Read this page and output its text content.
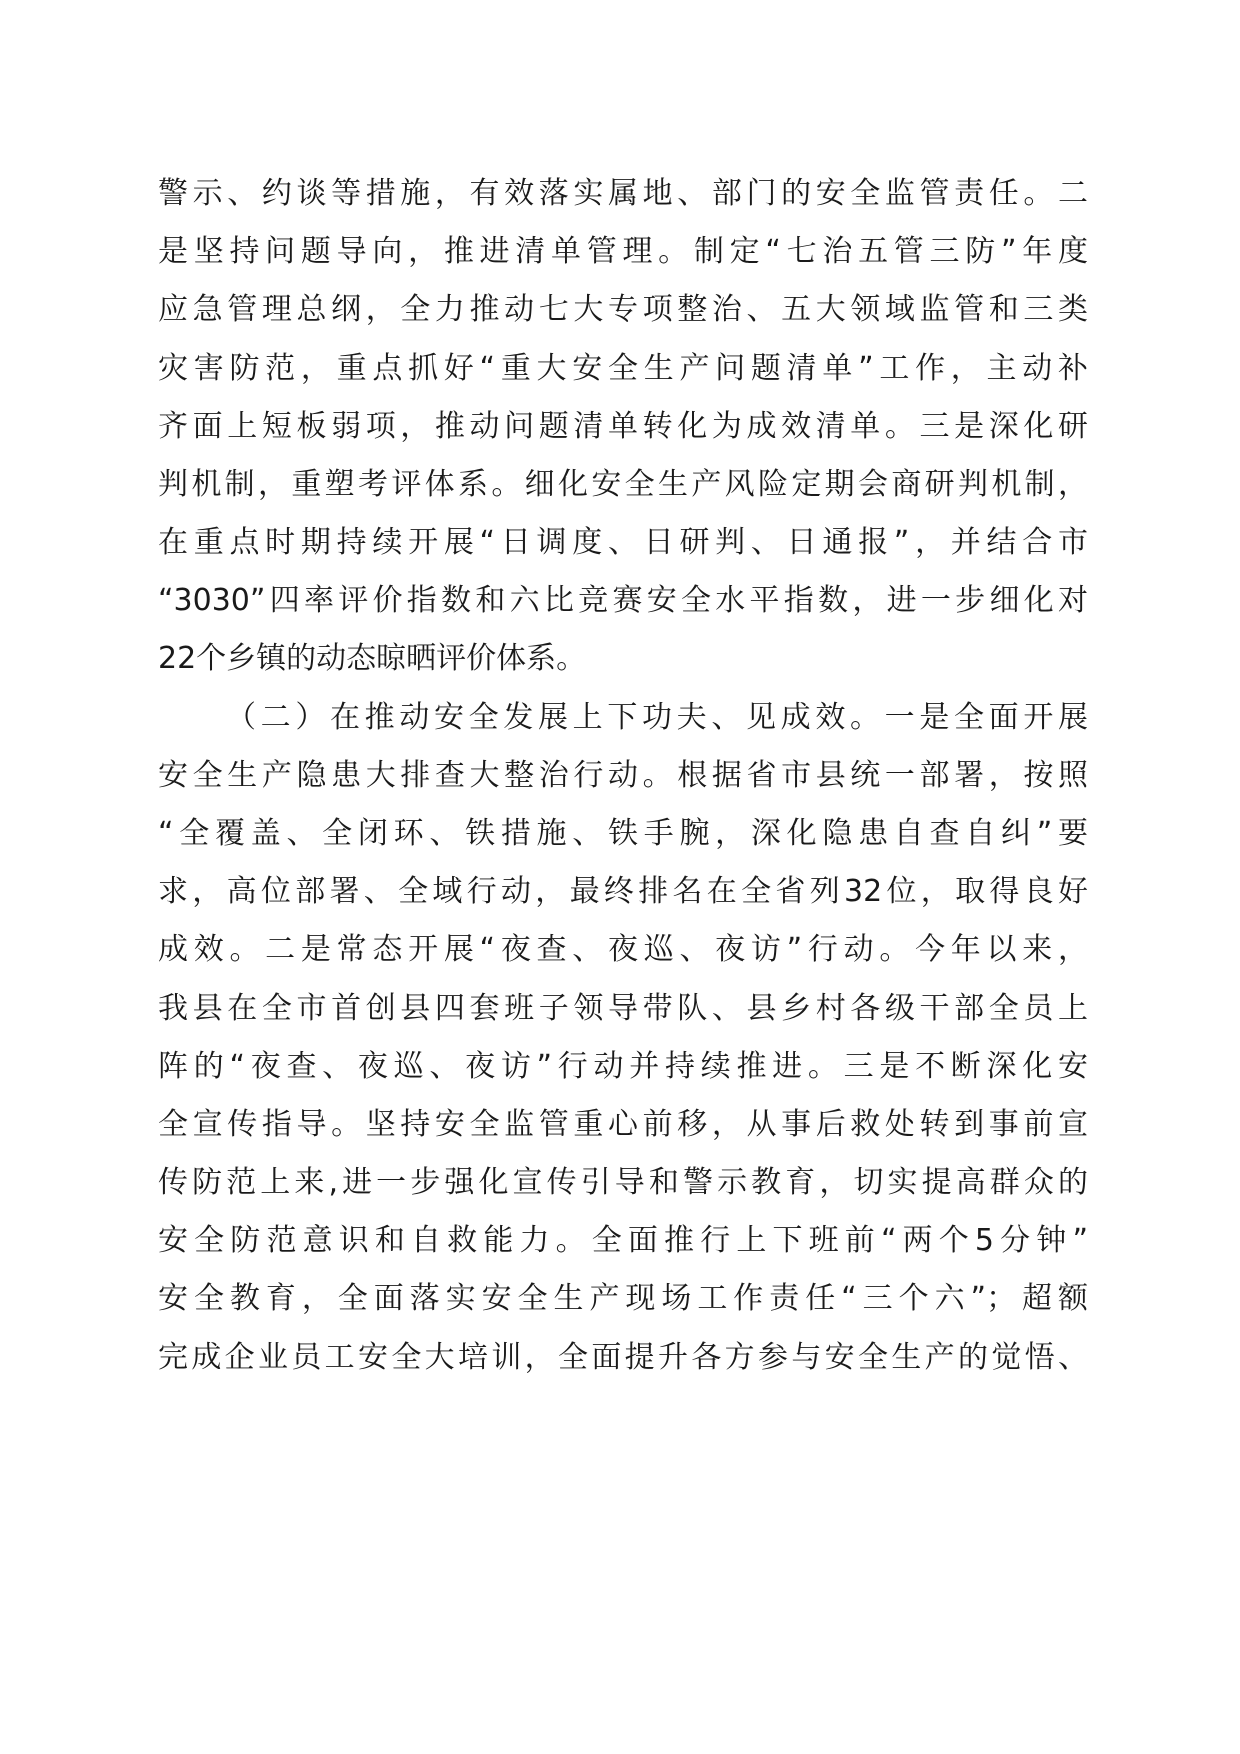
警示、约谈等措施，有效落实属地、部门的安全监管责任。二
是坚持问题导向，推进清单管理。制定“七治五管三防”年度
应急管理总纲，全力推动七大专项整治、五大领域监管和三类
灾害防范，重点抓好“重大安全生产问题清单”工作，主动补
齐面上短板弱项，推动问题清单转化为成效清单。三是深化研
判机制，重塑考评体系。细化安全生产风险定期会商研判机制，
在重点时期持续开展“日调度、日研判、日通报”，并结合市
“3030”四率评价指数和六比竞赛安全水平指数，进一步细化对
22个乡镇的动态晾晒评价体系。
（二）在推动安全发展上下功夫、见成效。一是全面开展
安全生产隐患大排查大整治行动。根据省市县统一部署，按照
“全覆盖、全闭环、铁措施、铁手腕，深化隐患自查自纠”要
求，高位部署、全域行动，最终排名在全省列32位，取得良好
成效。二是常态开展“夜查、夜巡、夜访”行动。今年以来，
我县在全市首创县四套班子领导带队、县乡村各级干部全员上
阵的“夜查、夜巡、夜访”行动并持续推进。三是不断深化安
全宣传指导。坚持安全监管重心前移，从事后救处转到事前宣
传防范上来,进一步强化宣传引导和警示教育，切实提高群众的
安全防范意识和自救能力。全面推行上下班前“两个5分钟”
安全教育，全面落实安全生产现场工作责任“三个六”；超额
完成企业员工安全大培训，全面提升各方参与安全生产的觉悟、
